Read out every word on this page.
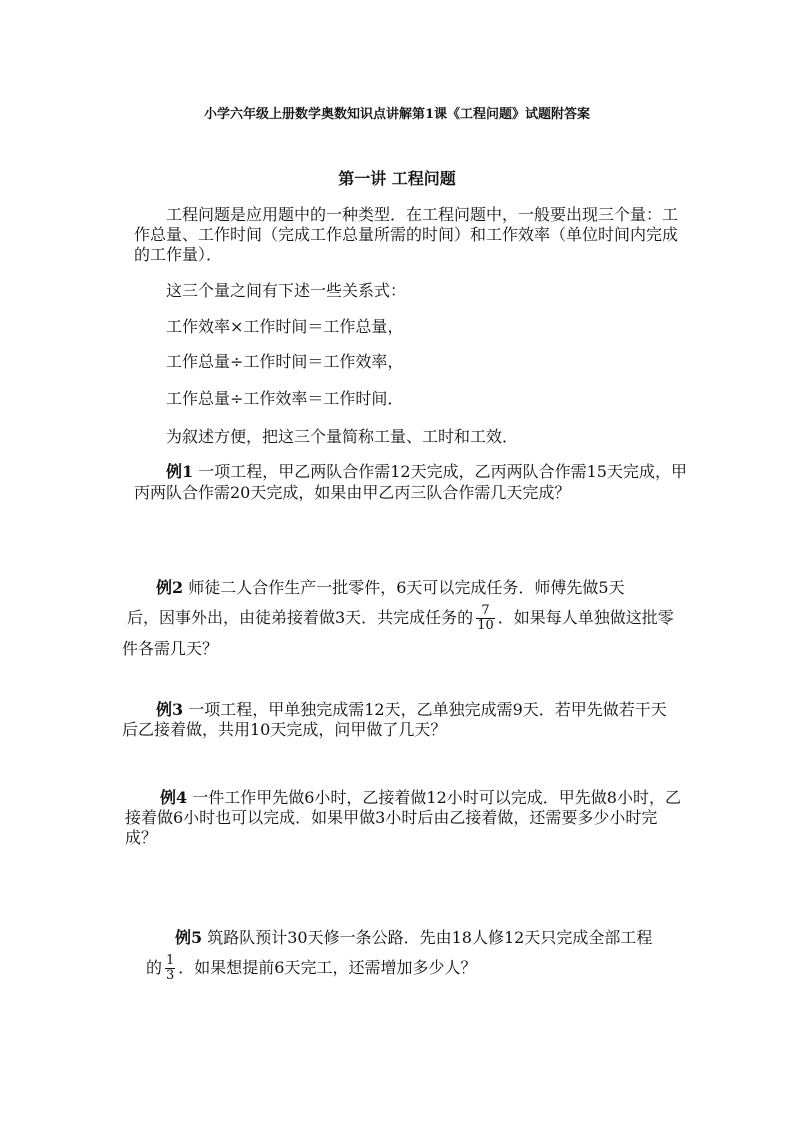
小学六年级上册数学奥数知识点讲解第1课《工程问题》试题附答案
第一讲 工程问题
工程问题是应用题中的一种类型．在工程问题中，一般要出现三个量：工
作总量、工作时间（完成工作总量所需的时间）和工作效率（单位时间内完成
的工作量）．
这三个量之间有下述一些关系式：
工作效率×工作时间＝工作总量，
工作总量÷工作时间＝工作效率，
工作总量÷工作效率＝工作时间．
为叙述方便，把这三个量简称工量、工时和工效．
例1 一项工程，甲乙两队合作需12天完成，乙丙两队合作需15天完成，甲
丙两队合作需20天完成，如果由甲乙丙三队合作需几天完成？
例2 师徒二人合作生产一批零件，6天可以完成任务．师傅先做5天
后，因事外出，由徒弟接着做3天．共完成任务的 $\frac{7}{10}$ ．如果每人单独做这批零
件各需几天？
例3 一项工程，甲单独完成需12天，乙单独完成需9天．若甲先做若干天
后乙接着做，共用10天完成，问甲做了几天？
例4 一件工作甲先做6小时，乙接着做12小时可以完成．甲先做8小时，乙
接着做6小时也可以完成．如果甲做3小时后由乙接着做，还需要多少小时完
成？
例5 筑路队预计30天修一条公路．先由18人修12天只完成全部工程
的 $\frac{1}{3}$ ．如果想提前6天完工，还需增加多少人？
